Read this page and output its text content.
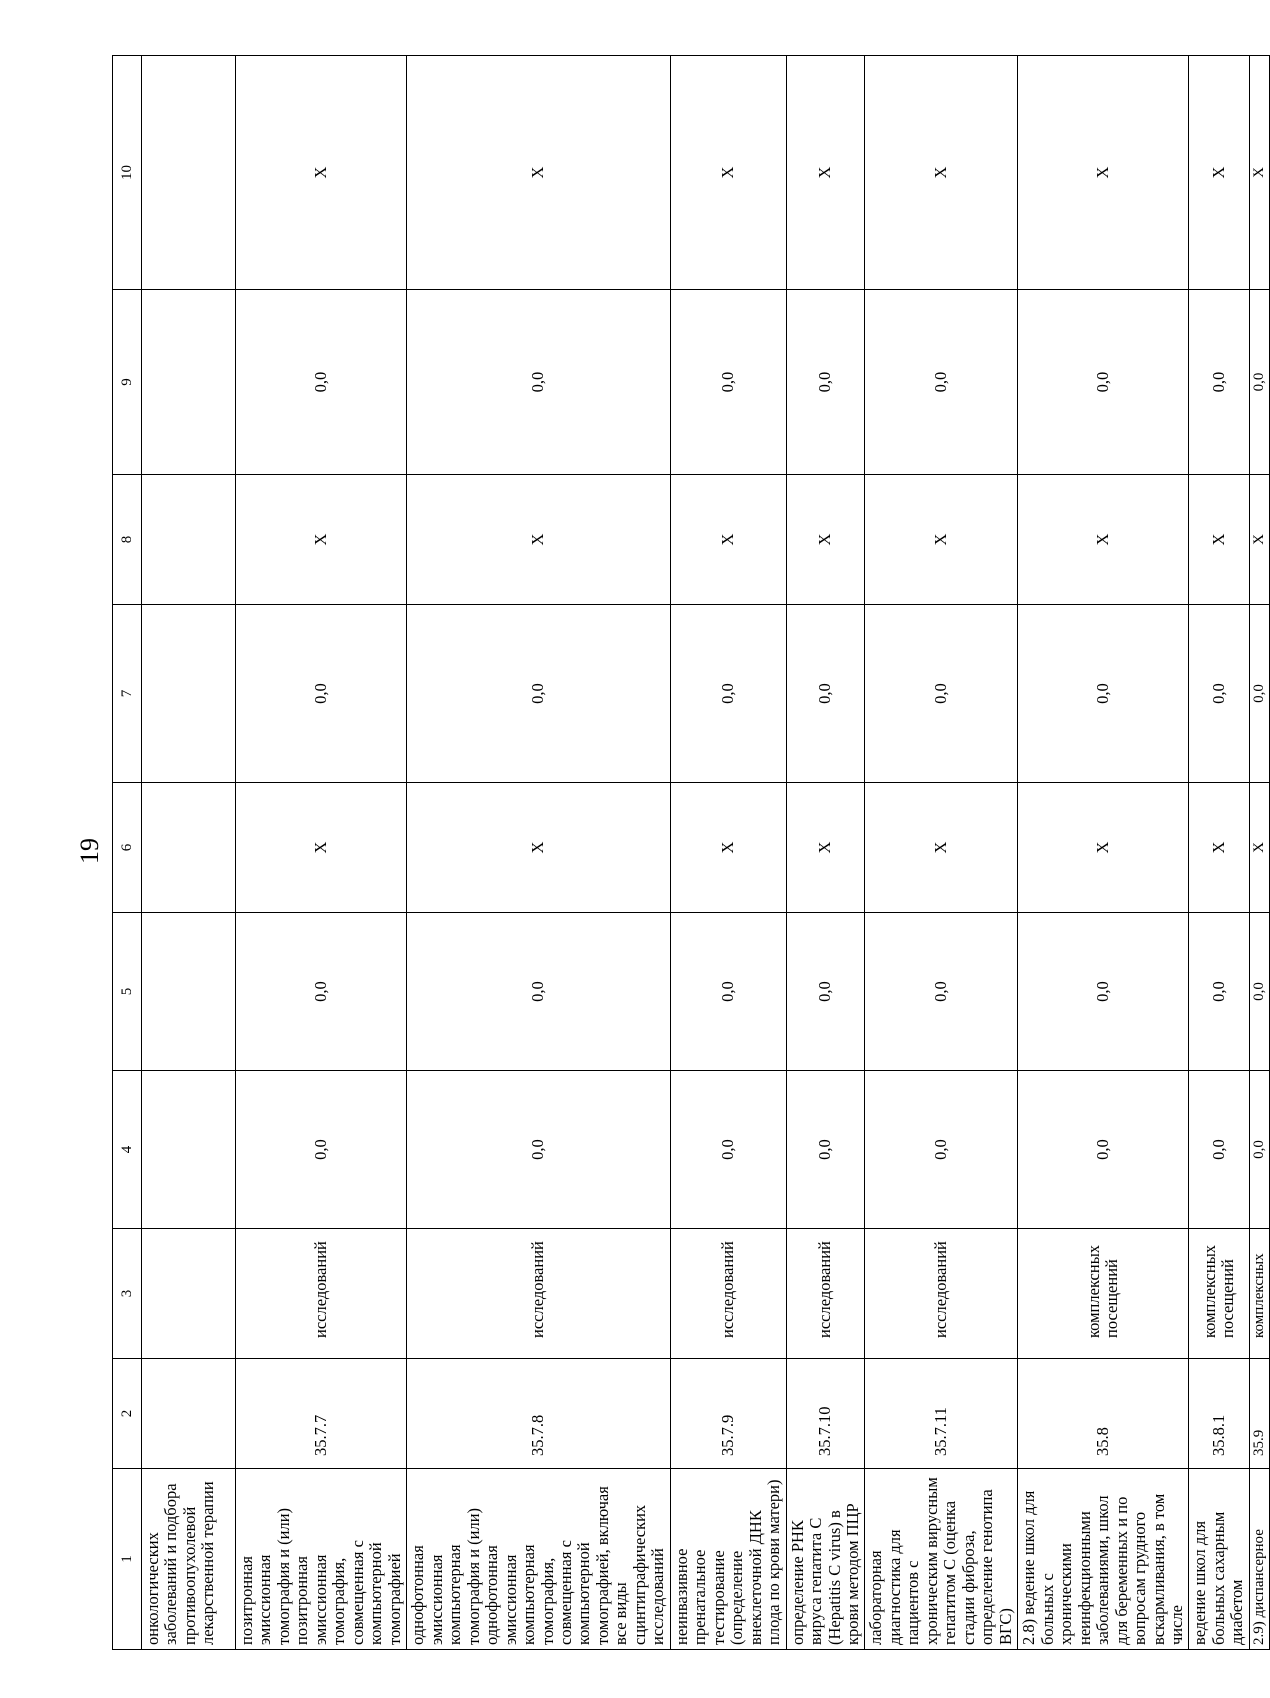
19
1	2	3	4	5	6	7	8	9	10
онкологических заболеваний и подбора противоопухолевой лекарственной терапии									
позитронная эмиссионная томография и (или) позитронная эмиссионная томография, совмещенная с компьютерной томографией	35.7.7	исследований	0,0	0,0	X	0,0	X	0,0	X
однофотонная эмиссионная компьютерная томография и (или) однофотонная эмиссионная компьютерная томография, совмещенная с компьютерной томографией, включая все виды сцинтиграфических исследований	35.7.8	исследований	0,0	0,0	X	0,0	X	0,0	X
неинвазивное пренатальное тестирование (определение внеклеточной ДНК плода по крови матери)	35.7.9	исследований	0,0	0,0	X	0,0	X	0,0	X
определение РНК вируса гепатита С (Hepatitis C virus) в крови методом ПЦР	35.7.10	исследований	0,0	0,0	X	0,0	X	0,0	X
лабораторная диагностика для пациентов с хроническим вирусным гепатитом С (оценка стадии фиброза, определение генотипа ВГС)	35.7.11	исследований	0,0	0,0	X	0,0	X	0,0	X
2.8) ведение школ для больных с хроническими неинфекционными заболеваниями, школ для беременных и по вопросам грудного вскармливания, в том числе	35.8	комплексных посещений	0,0	0,0	X	0,0	X	0,0	X
ведение школ для больных сахарным диабетом	35.8.1	комплексных посещений	0,0	0,0	X	0,0	X	0,0	X
2.9) диспансерное	35.9	комплексных	0,0	0,0	X	0,0	X	0,0	X
